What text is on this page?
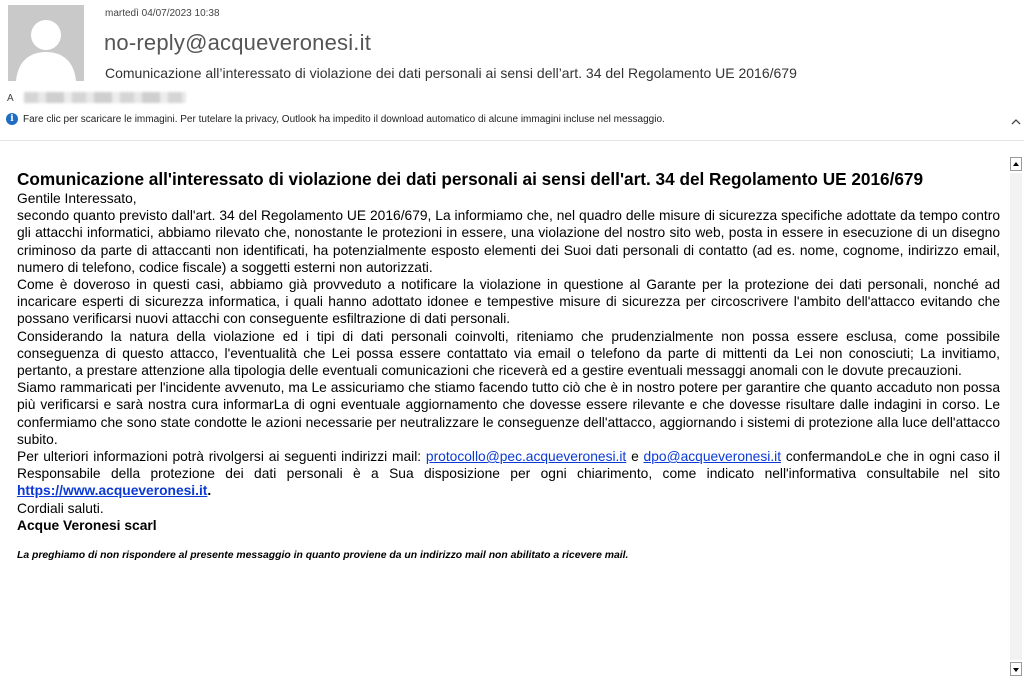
martedì 04/07/2023 10:38
no-reply@acqueveronesi.it
Comunicazione all’interessato di violazione dei dati personali ai sensi dell’art. 34 del Regolamento UE 2016/679
A
i Fare clic per scaricare le immagini. Per tutelare la privacy, Outlook ha impedito il download automatico di alcune immagini incluse nel messaggio.
Comunicazione all'interessato di violazione dei dati personali ai sensi dell'art. 34 del Regolamento UE 2016/679

Gentile Interessato,

secondo quanto previsto dall'art. 34 del Regolamento UE 2016/679, La informiamo che, nel quadro delle misure di sicurezza specifiche adottate da tempo contro gli attacchi informatici, abbiamo rilevato che, nonostante le protezioni in essere, una violazione del nostro sito web, posta in essere in esecuzione di un disegno criminoso da parte di attaccanti non identificati, ha potenzialmente esposto elementi dei Suoi dati personali di contatto (ad es. nome, cognome, indirizzo email, numero di telefono, codice fiscale) a soggetti esterni non autorizzati.

Come è doveroso in questi casi, abbiamo già provveduto a notificare la violazione in questione al Garante per la protezione dei dati personali, nonché ad incaricare esperti di sicurezza informatica, i quali hanno adottato idonee e tempestive misure di sicurezza per circoscrivere l'ambito dell'attacco evitando che possano verificarsi nuovi attacchi con conseguente esfiltrazione di dati personali.

Considerando la natura della violazione ed i tipi di dati personali coinvolti, riteniamo che prudenzialmente non possa essere esclusa, come possibile conseguenza di questo attacco, l'eventualità che Lei possa essere contattato via email o telefono da parte di mittenti da Lei non conosciuti; La invitiamo, pertanto, a prestare attenzione alla tipologia delle eventuali comunicazioni che riceverà ed a gestire eventuali messaggi anomali con le dovute precauzioni.

Siamo rammaricati per l'incidente avvenuto, ma Le assicuriamo che stiamo facendo tutto ciò che è in nostro potere per garantire che quanto accaduto non possa più verificarsi e sarà nostra cura informarLa di ogni eventuale aggiornamento che dovesse essere rilevante e che dovesse risultare dalle indagini in corso. Le confermiamo che sono state condotte le azioni necessarie per neutralizzare le conseguenze dell'attacco, aggiornando i sistemi di protezione alla luce dell'attacco subito.

Per ulteriori informazioni potrà rivolgersi ai seguenti indirizzi mail: protocollo@pec.acqueveronesi.it e dpo@acqueveronesi.it confermandoLe che in ogni caso il Responsabile della protezione dei dati personali è a Sua disposizione per ogni chiarimento, come indicato nell'informativa consultabile nel sito https://www.acqueveronesi.it.

Cordiali saluti.

Acque Veronesi scarl

La preghiamo di non rispondere al presente messaggio in quanto proviene da un indirizzo mail non abilitato a ricevere mail.
